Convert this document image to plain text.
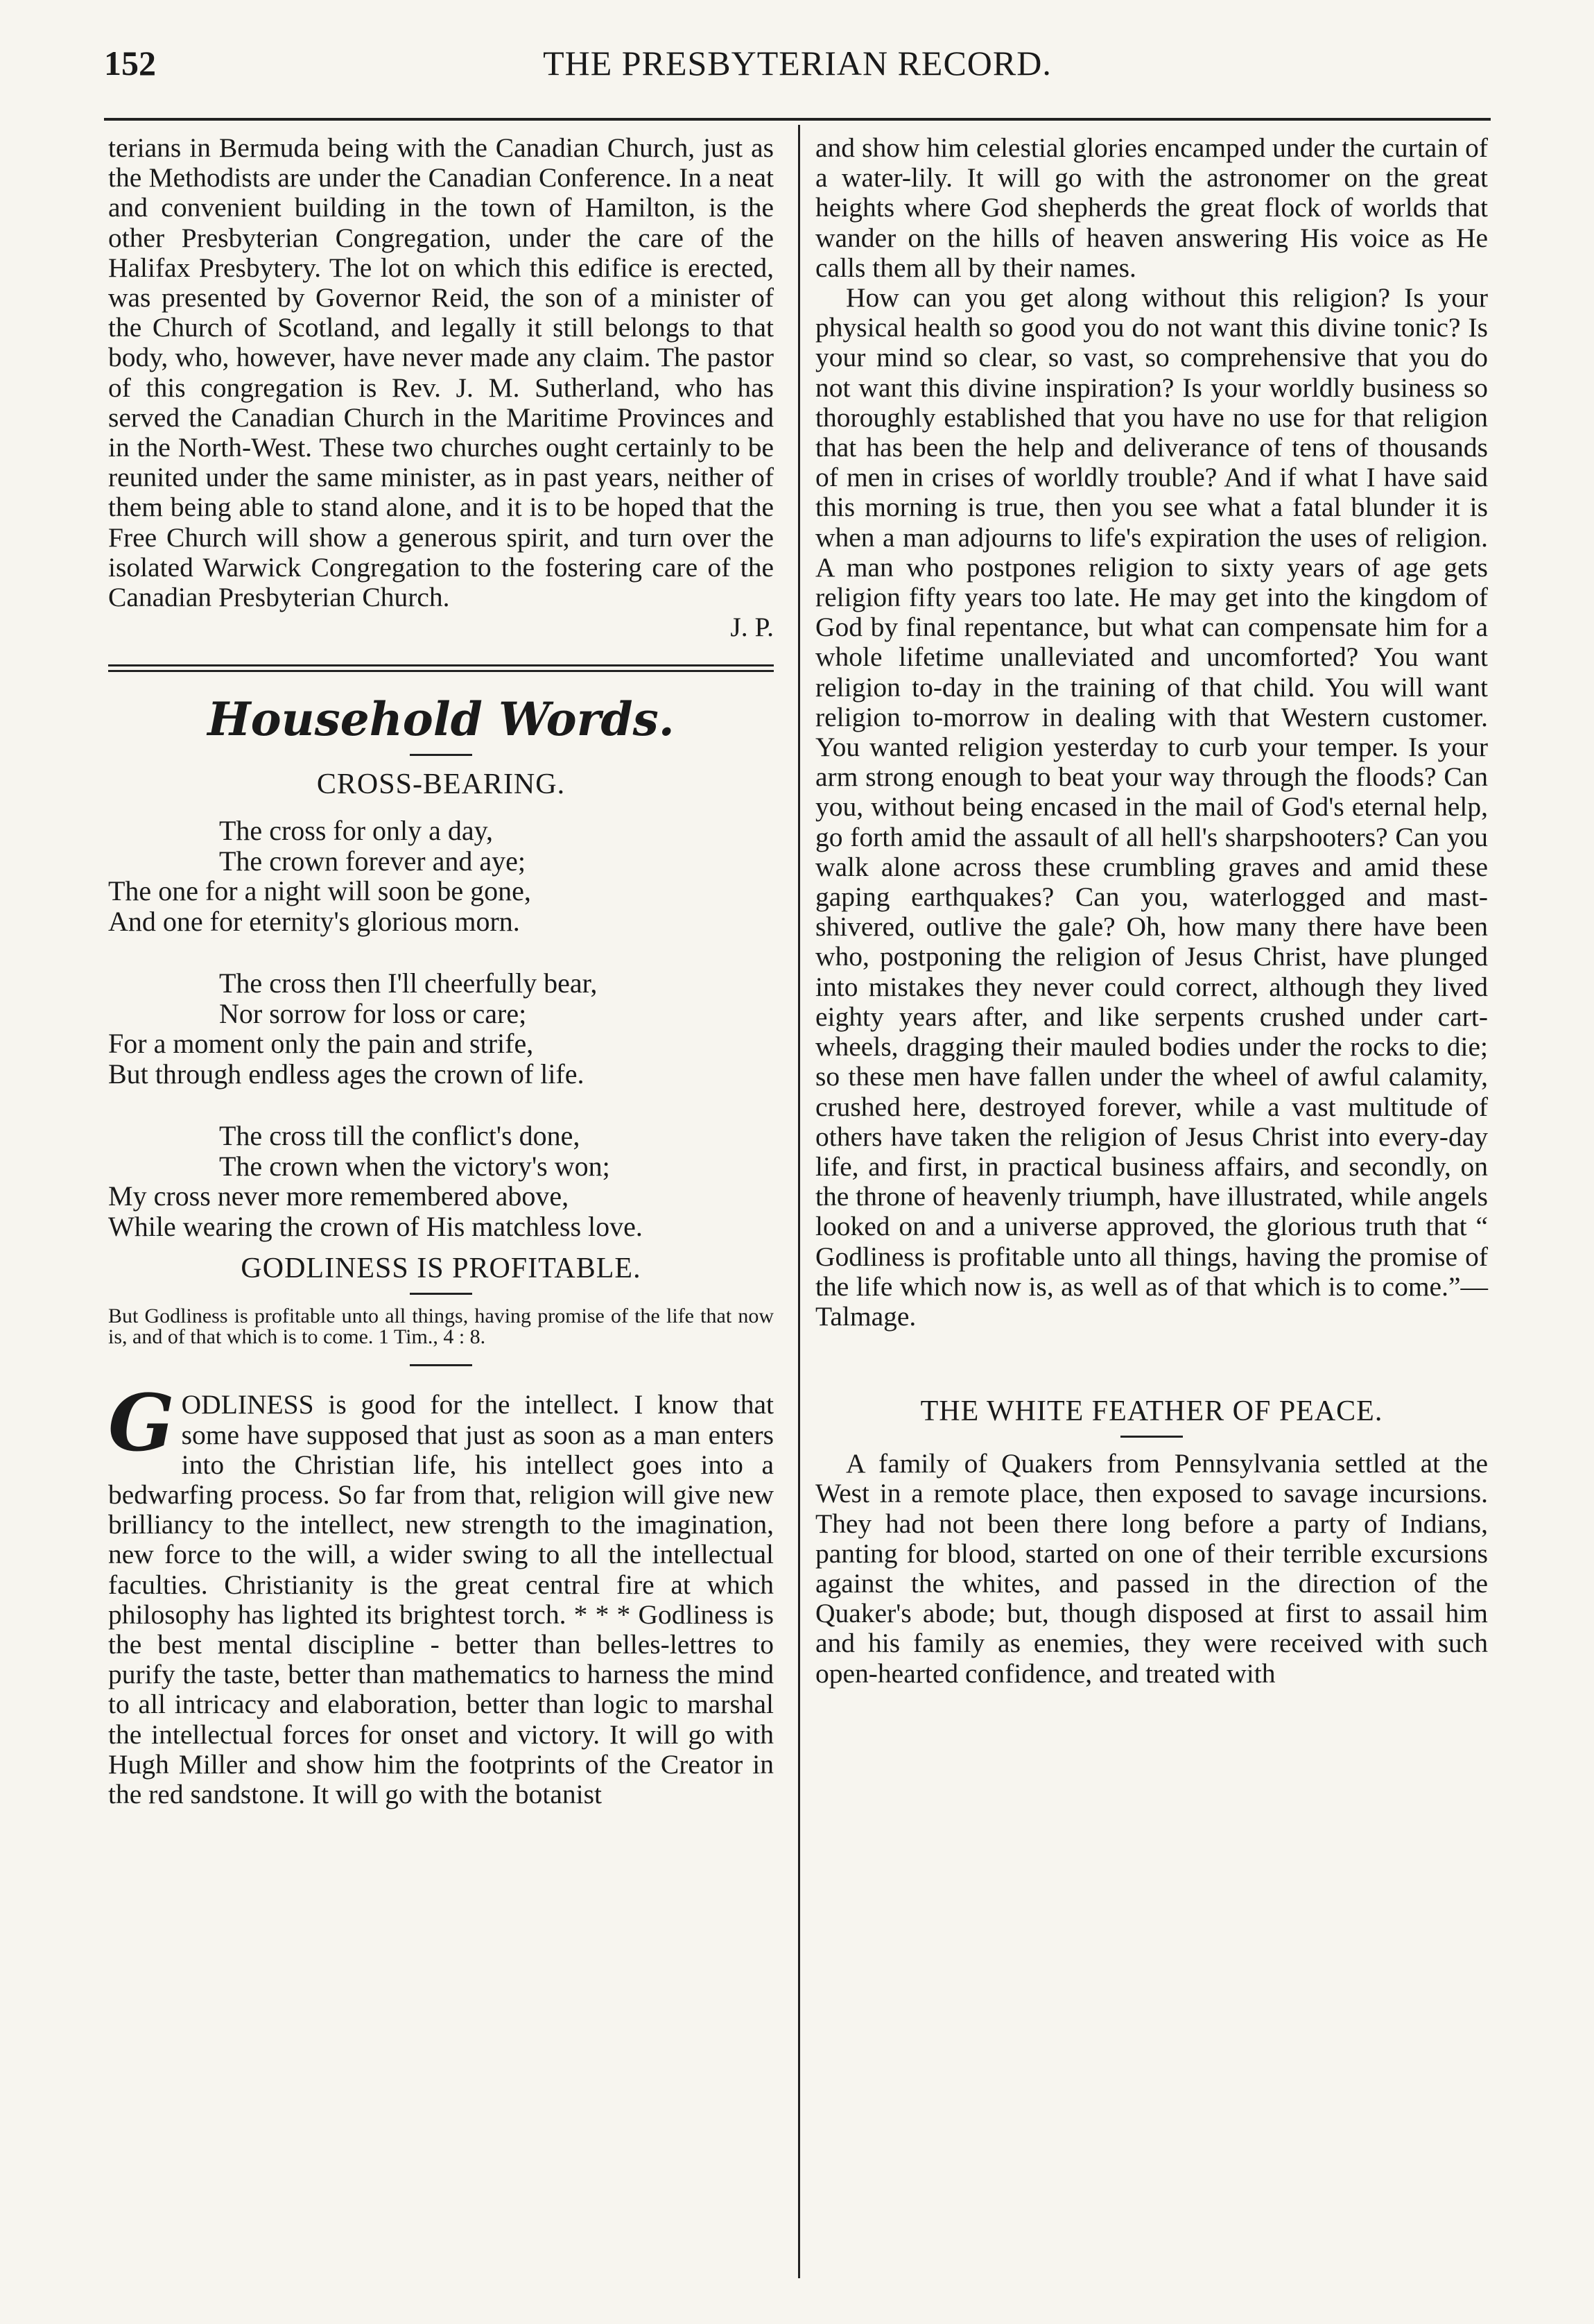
152	THE PRESBYTERIAN RECORD.

terians in Bermuda being with the Canadian Church, just as the Methodists are under the Canadian Conference. In a neat and convenient building in the town of Hamilton, is the other Presbyterian Congregation, under the care of the Halifax Presbytery. The lot on which this edifice is erected, was presented by Governor Reid, the son of a minister of the Church of Scotland, and legally it still belongs to that body, who, however, have never made any claim. The pastor of this congregation is Rev. J. M. Sutherland, who has served the Canadian Church in the Maritime Provinces and in the North-West. These two churches ought certainly to be reunited under the same minister, as in past years, neither of them being able to stand alone, and it is to be hoped that the Free Church will show a generous spirit, and turn over the isolated Warwick Congregation to the fostering care of the Canadian Presbyterian Church.

J. P.
Household Words.
CROSS-BEARING.
The cross for only a day,
The crown forever and aye;
The one for a night will soon be gone,
And one for eternity's glorious morn.
The cross then I'll cheerfully bear,
Nor sorrow for loss or care;
For a moment only the pain and strife,
But through endless ages the crown of life.
The cross till the conflict's done,
The crown when the victory's won;
My cross never more remembered above,
While wearing the crown of His matchless love.
GODLINESS IS PROFITABLE.

But Godliness is profitable unto all things, having promise of the life that now is, and of that which is to come. 1 Tim., 4 : 8.

GODLINESS is good for the intellect. I know that some have supposed that just as soon as a man enters into the Christian life, his intellect goes into a bedwarfing process. So far from that, religion will give new brilliancy to the intellect, new strength to the imagination, new force to the will, a wider swing to all the intellectual faculties. Christianity is the great central fire at which philosophy has lighted its brightest torch. * * * Godliness is the best mental discipline - better than belles-lettres to purify the taste, better than mathematics to harness the mind to all intricacy and elaboration, better than logic to marshal the intellectual forces for onset and victory. It will go with Hugh Miller and show him the footprints of the Creator in the red sandstone. It will go with the botanist

and show him celestial glories encamped under the curtain of a water-lily. It will go with the astronomer on the great heights where God shepherds the great flock of worlds that wander on the hills of heaven answering His voice as He calls them all by their names.

How can you get along without this religion? Is your physical health so good you do not want this divine tonic? Is your mind so clear, so vast, so comprehensive that you do not want this divine inspiration? Is your worldly business so thoroughly established that you have no use for that religion that has been the help and deliverance of tens of thousands of men in crises of worldly trouble? And if what I have said this morning is true, then you see what a fatal blunder it is when a man adjourns to life's expiration the uses of religion. A man who postpones religion to sixty years of age gets religion fifty years too late. He may get into the kingdom of God by final repentance, but what can compensate him for a whole lifetime unalleviated and uncomforted? You want religion to-day in the training of that child. You will want religion to-morrow in dealing with that Western customer. You wanted religion yesterday to curb your temper. Is your arm strong enough to beat your way through the floods? Can you, without being encased in the mail of God's eternal help, go forth amid the assault of all hell's sharpshooters? Can you walk alone across these crumbling graves and amid these gaping earthquakes? Can you, waterlogged and mast-shivered, outlive the gale? Oh, how many there have been who, postponing the religion of Jesus Christ, have plunged into mistakes they never could correct, although they lived eighty years after, and like serpents crushed under cart-wheels, dragging their mauled bodies under the rocks to die; so these men have fallen under the wheel of awful calamity, crushed here, destroyed forever, while a vast multitude of others have taken the religion of Jesus Christ into every-day life, and first, in practical business affairs, and secondly, on the throne of heavenly triumph, have illustrated, while angels looked on and a universe approved, the glorious truth that “ Godliness is profitable unto all things, having the promise of the life which now is, as well as of that which is to come.”—Talmage.

THE WHITE FEATHER OF PEACE.

A family of Quakers from Pennsylvania settled at the West in a remote place, then exposed to savage incursions. They had not been there long before a party of Indians, panting for blood, started on one of their terrible excursions against the whites, and passed in the direction of the Quaker's abode; but, though disposed at first to assail him and his family as enemies, they were received with such open-hearted confidence, and treated with
